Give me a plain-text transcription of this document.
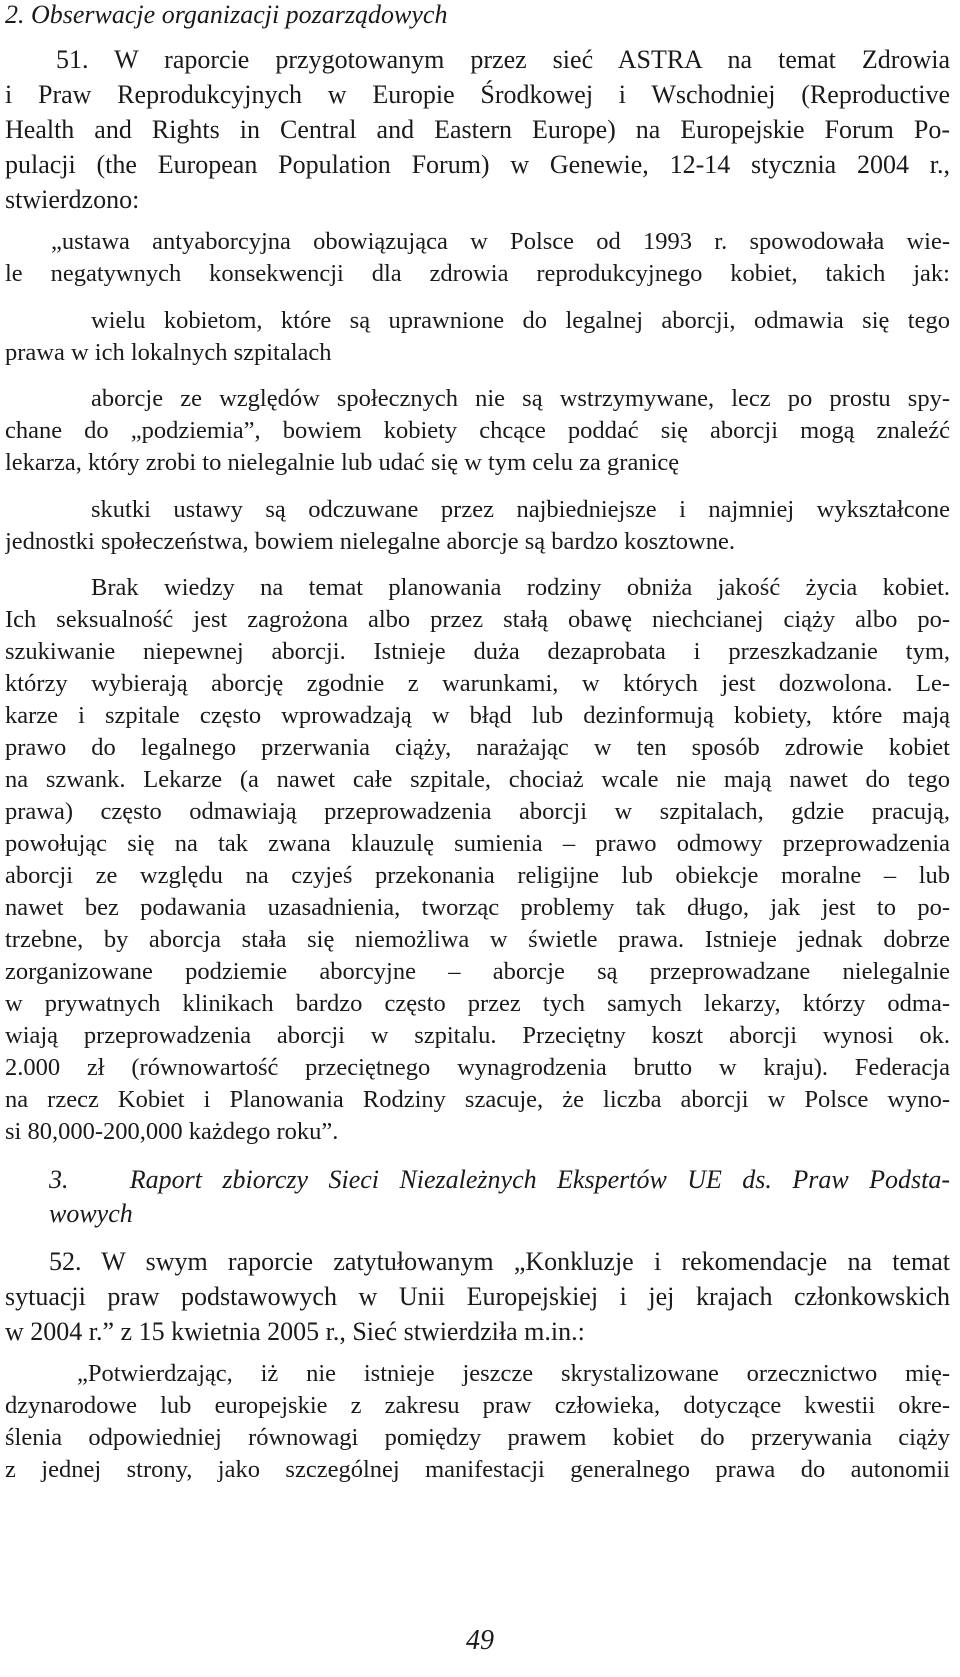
2. Obserwacje organizacji pozarządowych
51. W raporcie przygotowanym przez sieć ASTRA na temat Zdrowia
i Praw Reprodukcyjnych w Europie Środkowej i Wschodniej (Reproductive
Health and Rights in Central and Eastern Europe) na Europejskie Forum Po-
pulacji (the European Population Forum) w Genewie, 12-14 stycznia 2004 r.,
stwierdzono:
„ustawa antyaborcyjna obowiązująca w Polsce od 1993 r. spowodowała wie-
le negatywnych konsekwencji dla zdrowia reprodukcyjnego kobiet, takich jak:
wielu kobietom, które są uprawnione do legalnej aborcji, odmawia się tego
prawa w ich lokalnych szpitalach
aborcje ze względów społecznych nie są wstrzymywane, lecz po prostu spy-
chane do „podziemia”, bowiem kobiety chcące poddać się aborcji mogą znaleźć
lekarza, który zrobi to nielegalnie lub udać się w tym celu za granicę
skutki ustawy są odczuwane przez najbiedniejsze i najmniej wykształcone
jednostki społeczeństwa, bowiem nielegalne aborcje są bardzo kosztowne.
Brak wiedzy na temat planowania rodziny obniża jakość życia kobiet.
Ich seksualność jest zagrożona albo przez stałą obawę niechcianej ciąży albo po-
szukiwanie niepewnej aborcji. Istnieje duża dezaprobata i przeszkadzanie tym,
którzy wybierają aborcję zgodnie z warunkami, w których jest dozwolona. Le-
karze i szpitale często wprowadzają w błąd lub dezinformują kobiety, które mają
prawo do legalnego przerwania ciąży, narażając w ten sposób zdrowie kobiet
na szwank. Lekarze (a nawet całe szpitale, chociaż wcale nie mają nawet do tego
prawa) często odmawiają przeprowadzenia aborcji w szpitalach, gdzie pracują,
powołując się na tak zwana klauzulę sumienia – prawo odmowy przeprowadzenia
aborcji ze względu na czyjeś przekonania religijne lub obiekcje moralne – lub
nawet bez podawania uzasadnienia, tworząc problemy tak długo, jak jest to po-
trzebne, by aborcja stała się niemożliwa w świetle prawa. Istnieje jednak dobrze
zorganizowane podziemie aborcyjne – aborcje są przeprowadzane nielegalnie
w prywatnych klinikach bardzo często przez tych samych lekarzy, którzy odma-
wiają przeprowadzenia aborcji w szpitalu. Przeciętny koszt aborcji wynosi ok.
2.000 zł (równowartość przeciętnego wynagrodzenia brutto w kraju). Federacja
na rzecz Kobiet i Planowania Rodziny szacuje, że liczba aborcji w Polsce wyno-
si 80,000-200,000 każdego roku”.
3.   Raport zbiorczy Sieci Niezależnych Ekspertów UE ds. Praw Podsta-
wowych
52. W swym raporcie zatytułowanym „Konkluzje i rekomendacje na temat
sytuacji praw podstawowych w Unii Europejskiej i jej krajach członkowskich
w 2004 r.” z 15 kwietnia 2005 r., Sieć stwierdziła m.in.:
„Potwierdzając, iż nie istnieje jeszcze skrystalizowane orzecznictwo mię-
dzynarodowe lub europejskie z zakresu praw człowieka, dotyczące kwestii okre-
ślenia odpowiedniej równowagi pomiędzy prawem kobiet do przerywania ciąży
z jednej strony, jako szczególnej manifestacji generalnego prawa do autonomii
49
